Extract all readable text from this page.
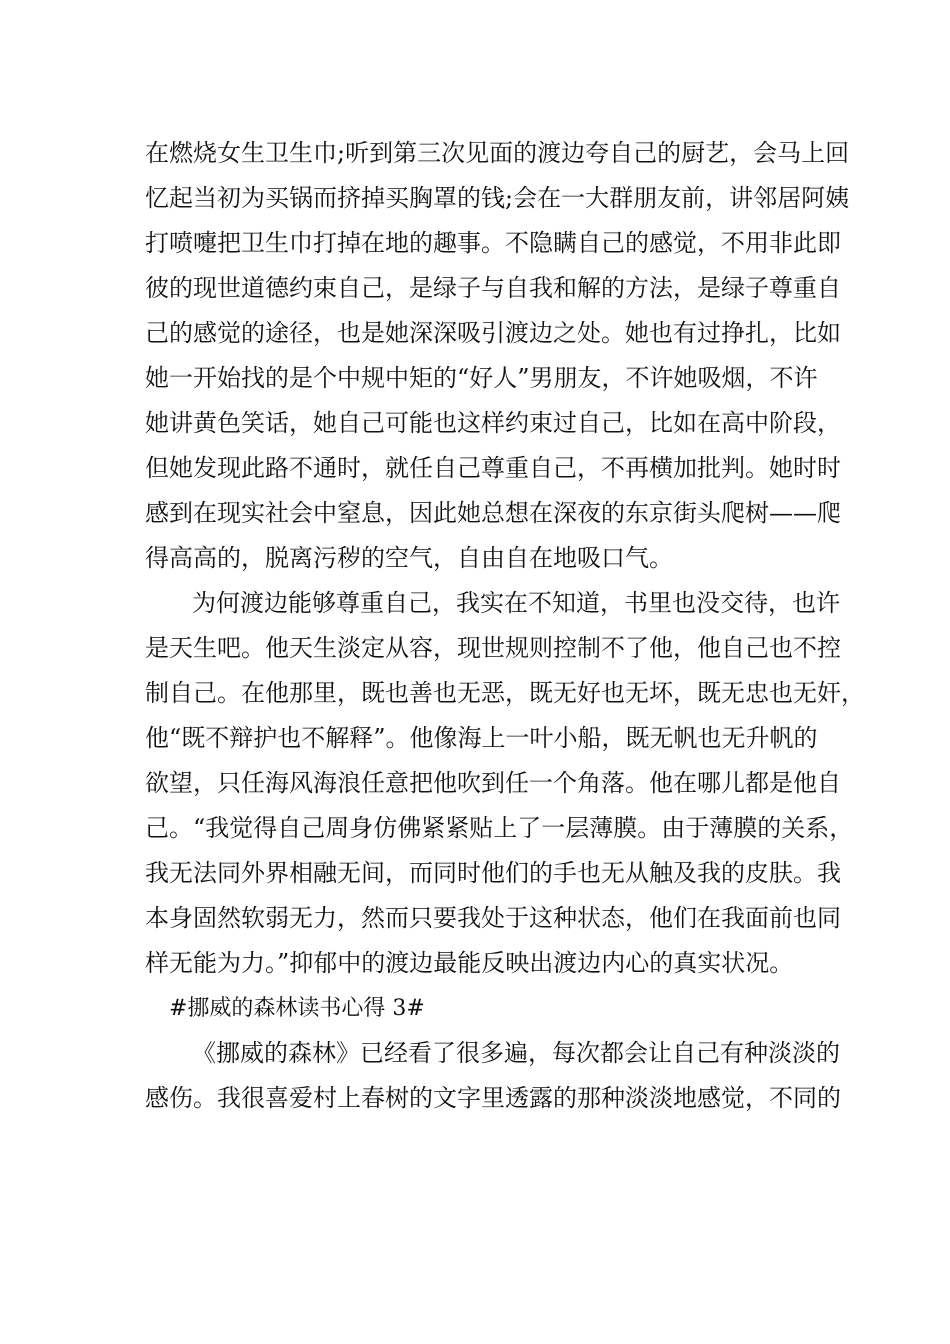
在燃烧女生卫生巾;听到第三次见面的渡边夸自己的厨艺，会马上回
忆起当初为买锅而挤掉买胸罩的钱;会在一大群朋友前，讲邻居阿姨
打喷嚏把卫生巾打掉在地的趣事。不隐瞒自己的感觉，不用非此即
彼的现世道德约束自己，是绿子与自我和解的方法，是绿子尊重自
己的感觉的途径，也是她深深吸引渡边之处。她也有过挣扎，比如
她一开始找的是个中规中矩的“好人”男朋友，不许她吸烟，不许
她讲黄色笑话，她自己可能也这样约束过自己，比如在高中阶段，
但她发现此路不通时，就任自己尊重自己，不再横加批判。她时时
感到在现实社会中窒息，因此她总想在深夜的东京街头爬树——爬
得高高的，脱离污秽的空气，自由自在地吸口气。
为何渡边能够尊重自己，我实在不知道，书里也没交待，也许
是天生吧。他天生淡定从容，现世规则控制不了他，他自己也不控
制自己。在他那里，既也善也无恶，既无好也无坏，既无忠也无奸，
他“既不辩护也不解释”。他像海上一叶小船，既无帆也无升帆的
欲望，只任海风海浪任意把他吹到任一个角落。他在哪儿都是他自
己。“我觉得自己周身仿佛紧紧贴上了一层薄膜。由于薄膜的关系，
我无法同外界相融无间，而同时他们的手也无从触及我的皮肤。我
本身固然软弱无力，然而只要我处于这种状态，他们在我面前也同
样无能为力。”抑郁中的渡边最能反映出渡边内心的真实状况。
#挪威的森林读书心得 3#
《挪威的森林》已经看了很多遍，每次都会让自己有种淡淡的
感伤。我很喜爱村上春树的文字里透露的那种淡淡地感觉，不同的
